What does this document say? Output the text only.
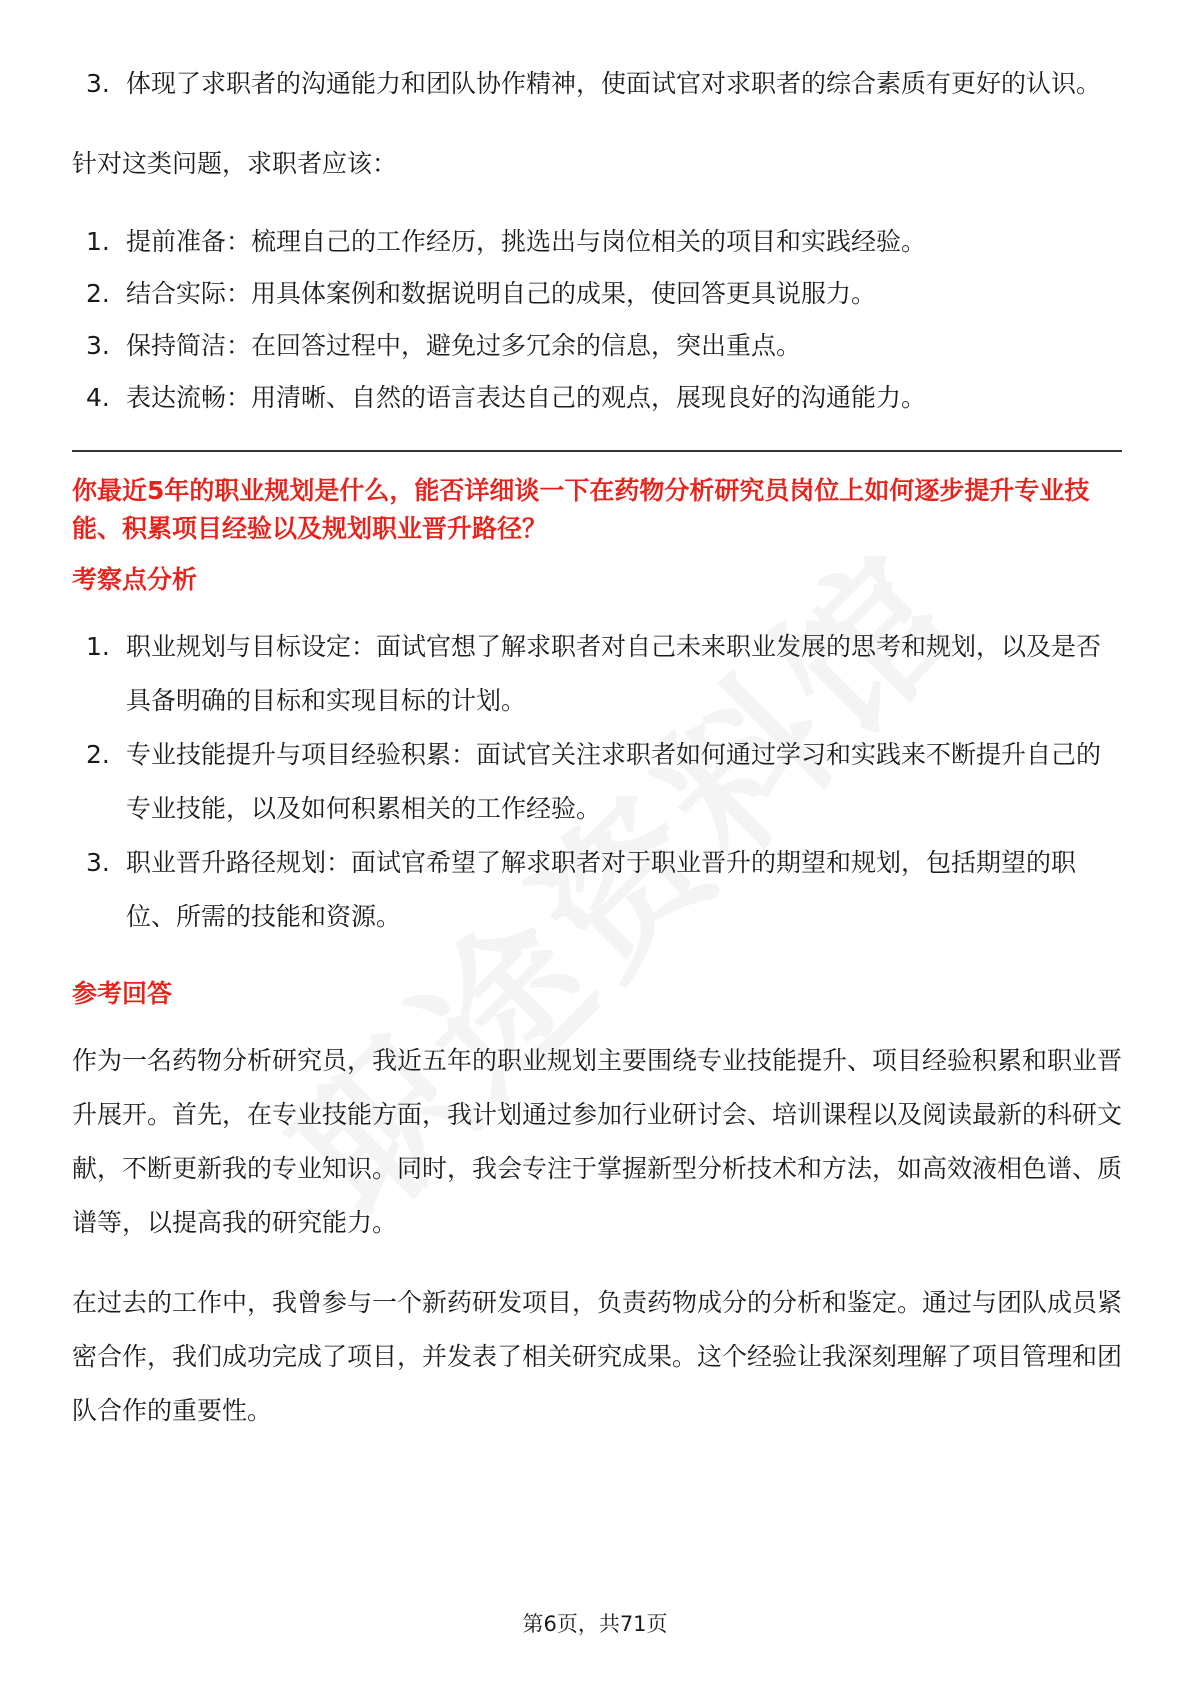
3. 体现了求职者的沟通能力和团队协作精神，使面试官对求职者的综合素质有更好的认识。

针对这类问题，求职者应该：

1. 提前准备：梳理自己的工作经历，挑选出与岗位相关的项目和实践经验。
2. 结合实际：用具体案例和数据说明自己的成果，使回答更具说服力。
3. 保持简洁：在回答过程中，避免过多冗余的信息，突出重点。
4. 表达流畅：用清晰、自然的语言表达自己的观点，展现良好的沟通能力。

你最近5年的职业规划是什么，能否详细谈一下在药物分析研究员岗位上如何逐步提升专业技能、积累项目经验以及规划职业晋升路径？

考察点分析

1. 职业规划与目标设定：面试官想了解求职者对自己未来职业发展的思考和规划，以及是否具备明确的目标和实现目标的计划。
2. 专业技能提升与项目经验积累：面试官关注求职者如何通过学习和实践来不断提升自己的专业技能，以及如何积累相关的工作经验。
3. 职业晋升路径规划：面试官希望了解求职者对于职业晋升的期望和规划，包括期望的职位、所需的技能和资源。

参考回答

作为一名药物分析研究员，我近五年的职业规划主要围绕专业技能提升、项目经验积累和职业晋升展开。首先，在专业技能方面，我计划通过参加行业研讨会、培训课程以及阅读最新的科研文献，不断更新我的专业知识。同时，我会专注于掌握新型分析技术和方法，如高效液相色谱、质谱等，以提高我的研究能力。

在过去的工作中，我曾参与一个新药研发项目，负责药物成分的分析和鉴定。通过与团队成员紧密合作，我们成功完成了项目，并发表了相关研究成果。这个经验让我深刻理解了项目管理和团队合作的重要性。

第6页，共71页
